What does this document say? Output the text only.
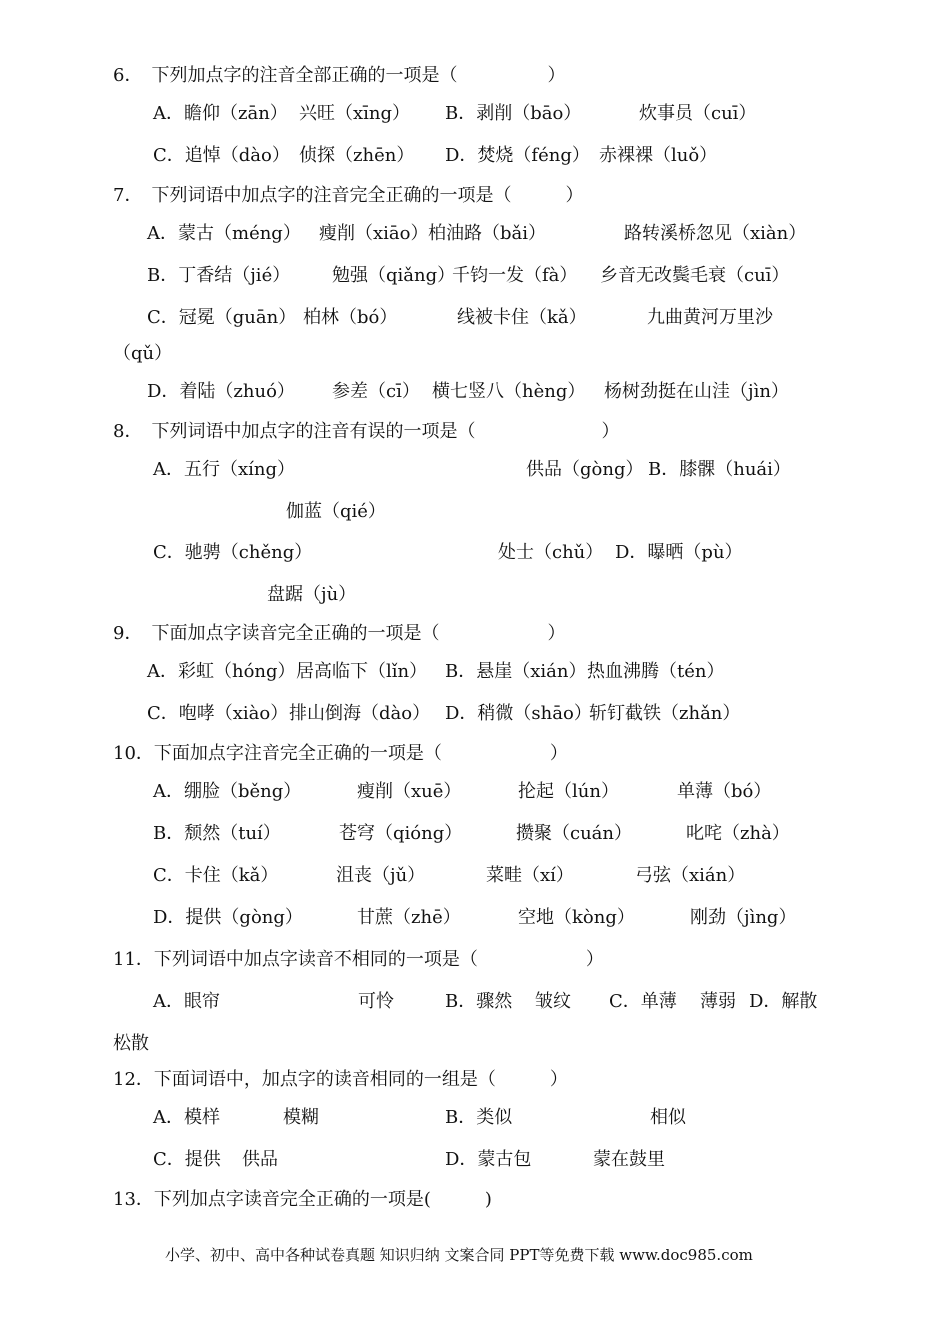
6．　下列加点字的注音全部正确的一项是（　　　　　）
A．瞻仰（zān） 兴旺（xīng） B．剥削（bāo）	炊事员（cuī）
C．追悼（dào） 侦探（zhēn） D．焚烧（féng） 赤裸裸（luǒ）
7．　下列词语中加点字的注音完全正确的一项是（　　　）
A．蒙古（méng） 瘦削（xiāo） 柏油路（bǎi）	路转溪桥忽见（xiàn）
B．丁香结（jié） 勉强（qiǎng）
千钧一发（fà） 乡音无改鬓毛衰（cuī）
C．冠冕（guān） 柏林（bó）	线被卡住（kǎ）	九曲黄河万里沙
（qǔ）
D．着陆（zhuó） 参差（cī） 横七竖八（hèng） 杨树劲挺在山洼（jìn）
8．　下列词语中加点字的注音有误的一项是（　　　　　　　）
A．五行（xíng）	供品（gòng） B．膝髁（huái）
伽蓝（qié）
C．驰骋（chěng）	处士（chǔ） D．曝晒（pù）
盘踞（jù）
9．　下面加点字读音完全正确的一项是（　　　　　　）
A．彩虹（hóng） 居高临下（lǐn） B．悬崖（xián） 热血沸腾（tén）
C．咆哮（xiào） 排山倒海（dào） D．稍微（shāo）
斩钉截铁（zhǎn）
10．下面加点字注音完全正确的一项是（　　　　　　）
A．绷脸（běng）	瘦削（xuē）	抡起（lún）	单薄（bó）
B．颓然（tuí）	苍穹（qióng）	攒聚（cuán）	叱咤（zhà）
C．卡住（kǎ）	沮丧（jǔ）	菜畦（xí）	弓弦（xián）
D．提供（gòng）	甘蔗（zhē）	空地（kòng）	刚劲（jìng）
11．下列词语中加点字读音不相同的一项是（　　　　　　）
A．眼帘	可怜	B．骤然 皱纹 C．单薄 薄弱 D．解散
松散
12．下面词语中，加点字的读音相同的一组是（　　　）
A．模样	模糊	B．类似	相似
C．提供 供品	D．蒙古包	蒙在鼓里
13．下列加点字读音完全正确的一项是(　　　)
小学、初中、高中各种试卷真题 知识归纳 文案合同 PPT等免费下载 www.doc985.com
